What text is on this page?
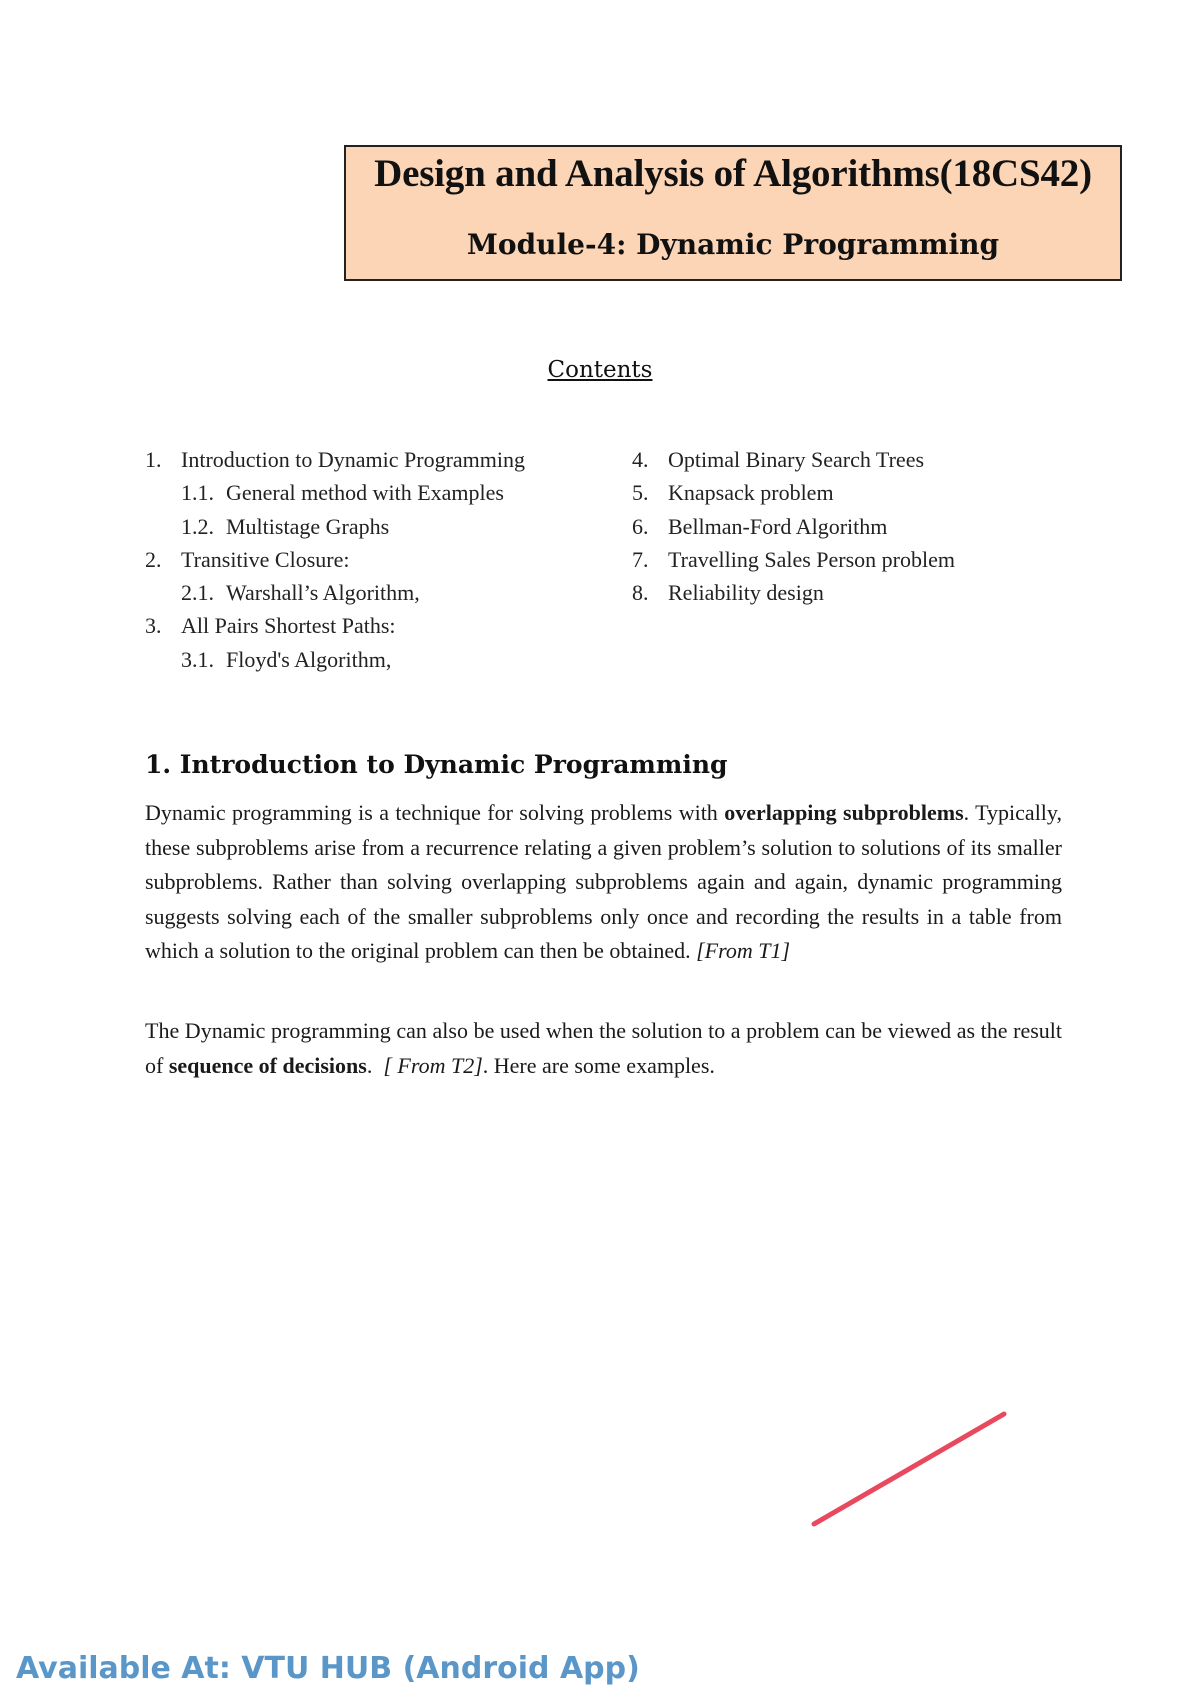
Design and Analysis of Algorithms(18CS42)
Module-4: Dynamic Programming
Contents
1. Introduction to Dynamic Programming
1.1. General method with Examples
1.2. Multistage Graphs
2. Transitive Closure:
2.1. Warshall’s Algorithm,
3. All Pairs Shortest Paths:
3.1. Floyd's Algorithm,
4. Optimal Binary Search Trees
5. Knapsack problem
6. Bellman-Ford Algorithm
7. Travelling Sales Person problem
8. Reliability design
1. Introduction to Dynamic Programming
Dynamic programming is a technique for solving problems with overlapping subproblems. Typically, these subproblems arise from a recurrence relating a given problem’s solution to solutions of its smaller subproblems. Rather than solving overlapping subproblems again and again, dynamic programming suggests solving each of the smaller subproblems only once and recording the results in a table from which a solution to the original problem can then be obtained. [From T1]
The Dynamic programming can also be used when the solution to a problem can be viewed as the result of sequence of decisions.  [ From T2]. Here are some examples.
Available At: VTU HUB (Android App)
